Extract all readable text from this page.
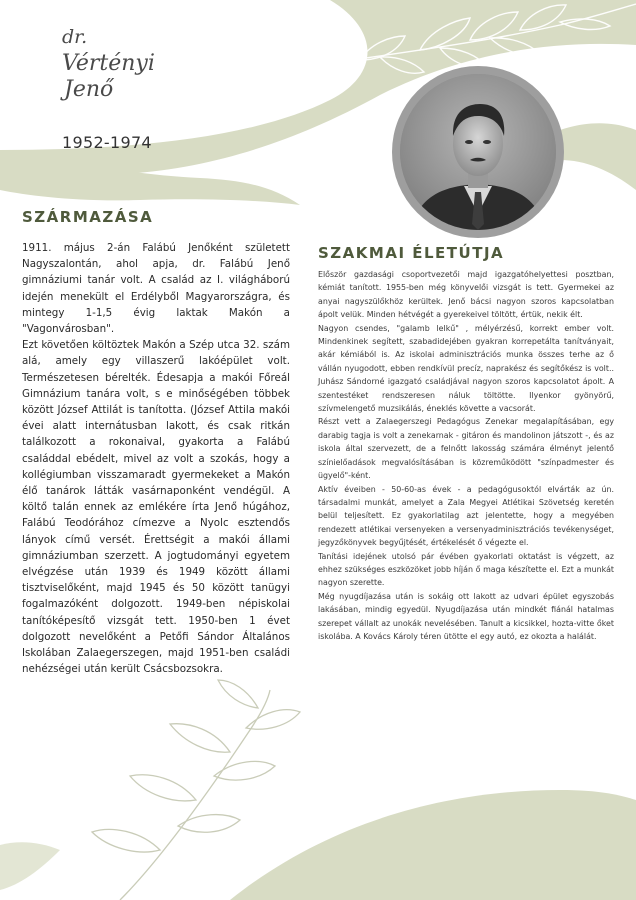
dr.
Vértényi
Jenő
1952-1974
SZÁRMAZÁSA

1911. május 2-án Falábú Jenőként született Nagyszalontán, ahol apja, dr. Falábú Jenő gimnáziumi tanár volt. A család az I. világháború idején menekült el Erdélyből Magyarországra, és mintegy 1-1,5 évig laktak Makón a "Vagonvárosban".

Ezt követően költöztek Makón a Szép utca 32. szám alá, amely egy villaszerű lakóépület volt. Természetesen bérelték. Édesapja a makói Főreál Gimnázium tanára volt, s e minőségében többek között József Attilát is tanította. (József Attila makói évei alatt internátusban lakott, és csak ritkán találkozott a rokonaival, gyakorta a Falábú családdal ebédelt, mivel az volt a szokás, hogy a kollégiumban visszamaradt gyermekeket a Makón élő tanárok látták vasárnaponként vendégül. A költő talán ennek az emlékére írta Jenő húgához, Falábú Teodórához címezve a Nyolc esztendős lányok című versét. Érettségit a makói állami gimnáziumban szerzett. A jogtudományi egyetem elvégzése után 1939 és 1949 között állami tisztviselőként, majd 1945 és 50 között tanügyi fogalmazóként dolgozott. 1949-ben népiskolai tanítóképesítő vizsgát tett. 1950-ben 1 évet dolgozott nevelőként a Petőfi Sándor Általános Iskolában Zalaegerszegen, majd 1951-ben családi nehézségei után került Csácsbozsokra.

SZAKMAI ÉLETÚTJA

Először gazdasági csoportvezetői majd igazgatóhelyettesi posztban, kémiát tanított. 1955-ben még könyvelői vizsgát is tett. Gyermekei az anyai nagyszülőkhöz kerültek. Jenő bácsi nagyon szoros kapcsolatban ápolt velük. Minden hétvégét a gyerekeivel töltött, értük, nekik élt.

Nagyon csendes, "galamb lelkű" , mélyérzésű, korrekt ember volt. Mindenkinek segített, szabadidejében gyakran korrepetálta tanítványait, akár kémiából is. Az iskolai adminisztrációs munka összes terhe az ő vállán nyugodott, ebben rendkívül precíz, naprakész és segítőkész is volt.. Juhász Sándorné igazgató családjával nagyon szoros kapcsolatot ápolt. A szentestéket rendszeresen náluk töltötte. Ilyenkor gyönyörű, szívmelengető muzsikálás, éneklés követte a vacsorát.

Részt vett a Zalaegerszegi Pedagógus Zenekar megalapításában, egy darabig tagja is volt a zenekarnak - gitáron és mandolinon játszott -, és az iskola által szervezett, de a felnőtt lakosság számára élményt jelentő színielőadások megvalósításában is közreműködött "színpadmester és ügyelő"-ként.

Aktív éveiben - 50-60-as évek - a pedagógusoktól elvárták az ún. társadalmi munkát, amelyet a Zala Megyei Atlétikai Szövetség keretén belül teljesített. Ez gyakorlatilag azt jelentette, hogy a megyében rendezett atlétikai versenyeken a versenyadminisztrációs tevékenységet, jegyzőkönyvek begyűjtését, értékelését ő végezte el.

Tanítási idejének utolsó pár évében gyakorlati oktatást is végzett, az ehhez szükséges eszközöket jobb híján ő maga készítette el. Ezt a munkát nagyon szerette.

Még nyugdíjazása után is sokáig ott lakott az udvari épület egyszobás lakásában, mindig egyedül. Nyugdíjazása után mindkét fiánál hatalmas szerepet vállalt az unokák nevelésében. Tanult a kicsikkel, hozta-vitte őket iskolába. A Kovács Károly téren ütötte el egy autó, ez okozta a halálát.
